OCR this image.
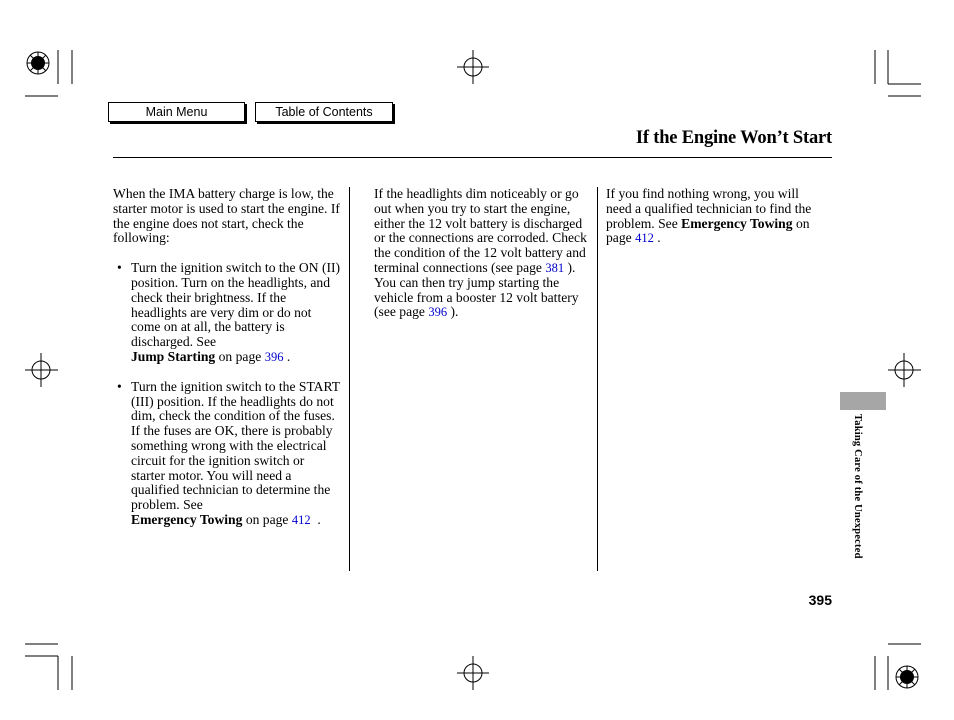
Main Menu	Table of Contents
If the Engine Won’t Start

When the IMA battery charge is low, the starter motor is used to start the engine. If the engine does not start, check the following:

• Turn the ignition switch to the ON (II) position. Turn on the headlights, and check their brightness. If the headlights are very dim or do not come on at all, the battery is discharged. See
Jump Starting on page 396 .
• Turn the ignition switch to the START (III) position. If the headlights do not dim, check the condition of the fuses. If the fuses are OK, there is probably something wrong with the electrical circuit for the ignition switch or starter motor. You will need a qualified technician to determine the problem. See
Emergency Towing on page 412  .

If the headlights dim noticeably or go out when you try to start the engine, either the 12 volt battery is discharged or the connections are corroded. Check the condition of the 12 volt battery and terminal connections (see page 381 ). You can then try jump starting the vehicle from a booster 12 volt battery (see page 396 ).

If you find nothing wrong, you will need a qualified technician to find the problem. See Emergency Towing on page 412 .

Taking Care of the Unexpected
395
